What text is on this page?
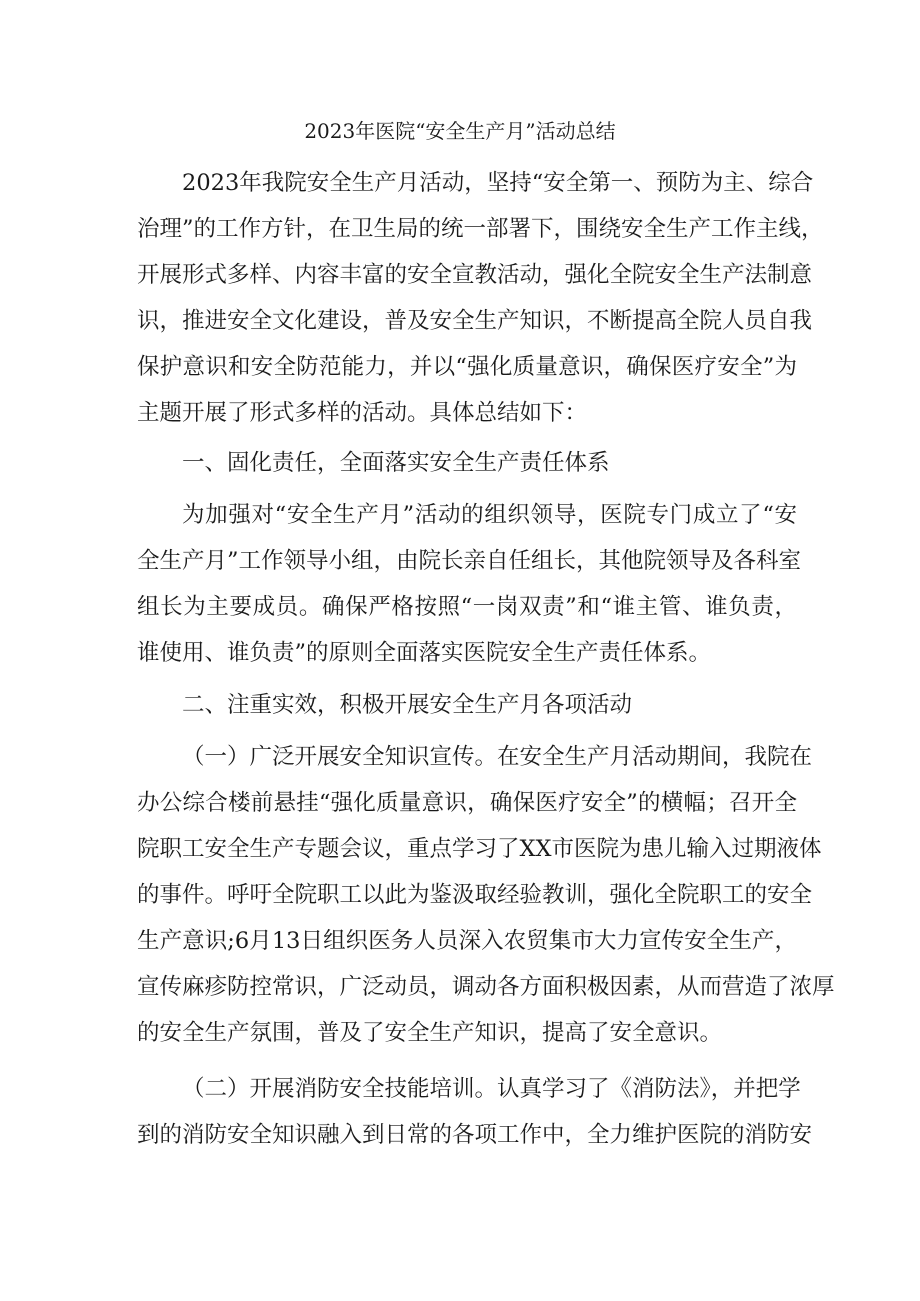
2023年医院“安全生产月”活动总结
2023年我院安全生产月活动，坚持“安全第一、预防为主、综合
治理”的工作方针，在卫生局的统一部署下，围绕安全生产工作主线，
开展形式多样、内容丰富的安全宣教活动，强化全院安全生产法制意
识，推进安全文化建设，普及安全生产知识，不断提高全院人员自我
保护意识和安全防范能力，并以“强化质量意识，确保医疗安全”为
主题开展了形式多样的活动。具体总结如下：
一、固化责任，全面落实安全生产责任体系
为加强对“安全生产月”活动的组织领导，医院专门成立了“安
全生产月”工作领导小组，由院长亲自任组长，其他院领导及各科室
组长为主要成员。确保严格按照“一岗双责”和“谁主管、谁负责，
谁使用、谁负责”的原则全面落实医院安全生产责任体系。
二、注重实效，积极开展安全生产月各项活动
（一）广泛开展安全知识宣传。在安全生产月活动期间，我院在
办公综合楼前悬挂“强化质量意识，确保医疗安全”的横幅；召开全
院职工安全生产专题会议，重点学习了XX市医院为患儿输入过期液体
的事件。呼吁全院职工以此为鉴汲取经验教训，强化全院职工的安全
生产意识;6月13日组织医务人员深入农贸集市大力宣传安全生产，
宣传麻疹防控常识，广泛动员，调动各方面积极因素，从而营造了浓厚
的安全生产氛围，普及了安全生产知识，提高了安全意识。
（二）开展消防安全技能培训。认真学习了《消防法》，并把学
到的消防安全知识融入到日常的各项工作中，全力维护医院的消防安
